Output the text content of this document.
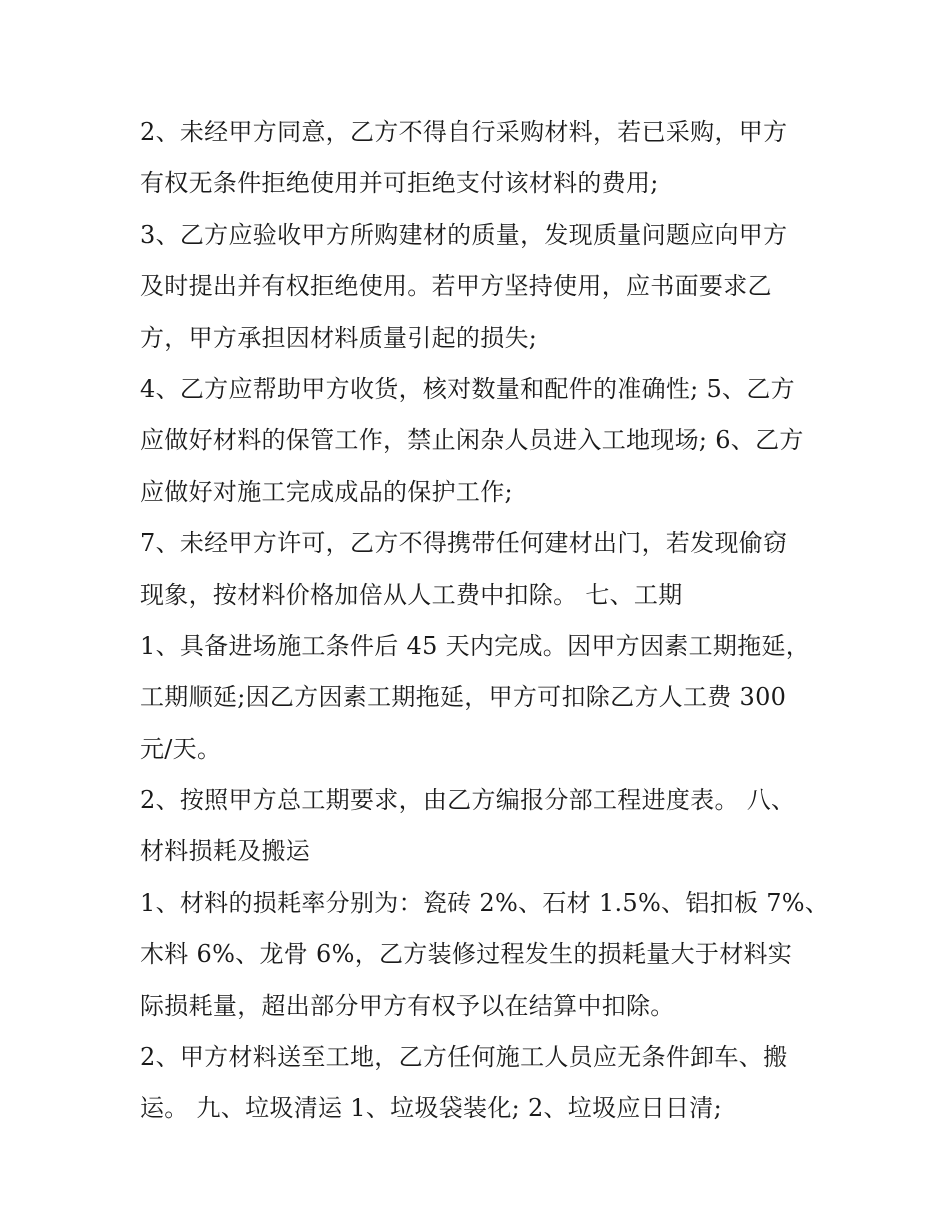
2、未经甲方同意，乙方不得自行采购材料，若已采购，甲方
有权无条件拒绝使用并可拒绝支付该材料的费用;
3、乙方应验收甲方所购建材的质量，发现质量问题应向甲方
及时提出并有权拒绝使用。若甲方坚持使用，应书面要求乙
方，甲方承担因材料质量引起的损失;
4、乙方应帮助甲方收货，核对数量和配件的准确性; 5、乙方
应做好材料的保管工作，禁止闲杂人员进入工地现场; 6、乙方
应做好对施工完成成品的保护工作;
7、未经甲方许可，乙方不得携带任何建材出门，若发现偷窃
现象，按材料价格加倍从人工费中扣除。 七、工期
1、具备进场施工条件后 45 天内完成。因甲方因素工期拖延，
工期顺延;因乙方因素工期拖延，甲方可扣除乙方人工费 300
元/天。
2、按照甲方总工期要求，由乙方编报分部工程进度表。 八、
材料损耗及搬运
1、材料的损耗率分别为：瓷砖 2%、石材 1.5%、铝扣板 7%、
木料 6%、龙骨 6%，乙方装修过程发生的损耗量大于材料实
际损耗量，超出部分甲方有权予以在结算中扣除。
2、甲方材料送至工地，乙方任何施工人员应无条件卸车、搬
运。 九、垃圾清运 1、垃圾袋装化; 2、垃圾应日日清;
